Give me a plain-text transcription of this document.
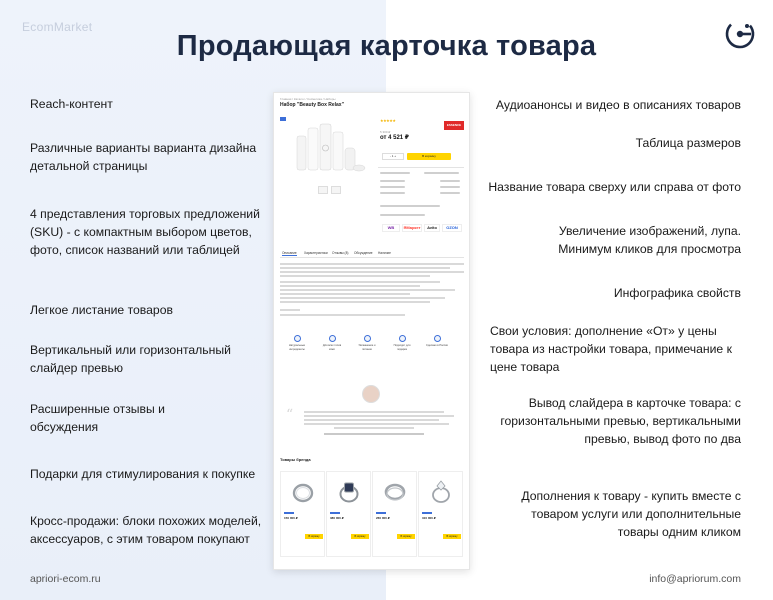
EcomMarket
Продающая карточка товара
Reach-контент
Различные варианты варианта дизайна детальной страницы
4 представления торговых предложений (SKU) - с компактным выбором цветов, фото, список названий или таблицей
Легкое листание товаров
Вертикальный или горизонтальный слайдер превью
Расширенные отзывы и обсуждения
Подарки для стимулирования к покупке
Кросс-продажи: блоки похожих моделей, аксессуаров, с этим товаром покупают
Аудиоанонсы и видео в описаниях товаров
Таблица размеров
Название товара сверху или справа от фото
Увеличение изображений, лупа. Минимум кликов для просмотра
Инфографика свойств
Свои условия: дополнение «От» у цены товара из настройки товара, примечание к цене товара
Вывод слайдера в карточке товара: с горизонтальными превью, вертикальными превью, вывод фото по два
Дополнения к товару - купить вместе с товаром услуги или дополнительные товары одним кликом
apriori-ecom.ru	info@apriorum.com
Главная / Каталог / Косметика / Наборы
Набор "Beauty Box Relax"
★★★★★
ESSENCE
5 300 ₽
от 4 521 ₽
- 1 +	В корзину
WB	ЯМаркет	Avito	OZON
Описание Характеристики Отзывы (8) Обсуждение Наличие
Натуральные ингредиенты
Для всех типов кожи
Увлажнение и питание
Подходит для подарка
Сделано в России
“
Товары бренда
150 000 ₽
В корзину
380 000 ₽
В корзину
260 000 ₽
В корзину
310 000 ₽
В корзину
